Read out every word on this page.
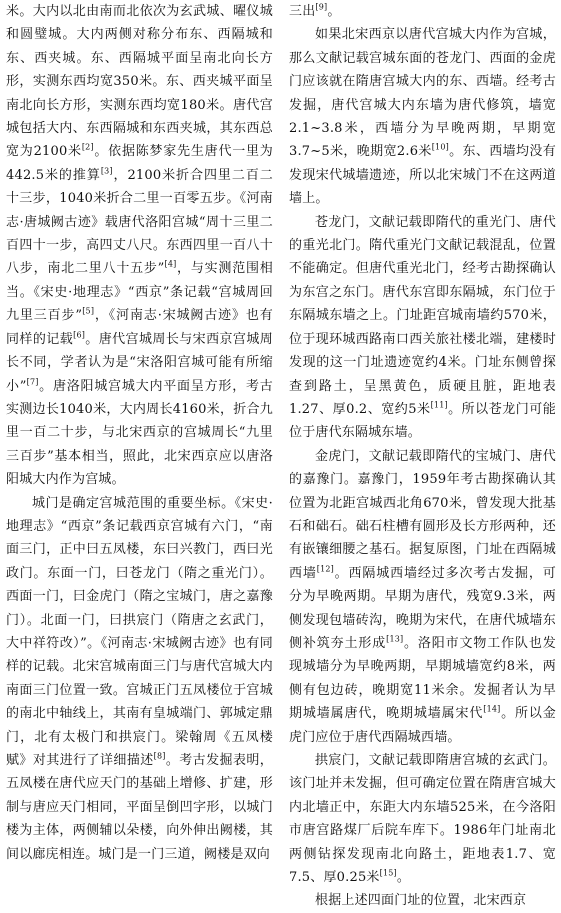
米。大内以北由南而北依次为玄武城、曜仪城和圆璧城。大内两侧对称分布东、西隔城和东、西夹城。东、西隔城平面呈南北向长方形，实测东西均宽350米。东、西夹城平面呈南北向长方形，实测东西均宽180米。唐代宫城包括大内、东西隔城和东西夹城，其东西总宽为2100米[2]。依据陈梦家先生唐代一里为442.5米的推算[3]，2100米折合四里二百二十三步，1040米折合二里一百零五步。《河南志·唐城阙古迹》载唐代洛阳宫城“周十三里二百四十一步，高四丈八尺。东西四里一百八十八步，南北二里八十五步”[4]，与实测范围相当。《宋史·地理志》“西京”条记载“宫城周回九里三百步”[5]，《河南志·宋城阙古迹》也有同样的记载[6]。唐代宫城周长与宋西京宫城周长不同，学者认为是“宋洛阳宫城可能有所缩小”[7]。唐洛阳城宫城大内平面呈方形，考古实测边长1040米，大内周长4160米，折合九里一百二十步，与北宋西京的宫城周长“九里三百步”基本相当，照此，北宋西京应以唐洛阳城大内作为宫城。

城门是确定宫城范围的重要坐标。《宋史·地理志》“西京”条记载西京宫城有六门，“南面三门，正中曰五凤楼，东曰兴教门，西曰光政门。东面一门，曰苍龙门（隋之重光门）。西面一门，曰金虎门（隋之宝城门，唐之嘉豫门）。北面一门，曰拱宸门（隋唐之玄武门，大中祥符改）”。《河南志·宋城阙古迹》也有同样的记载。北宋宫城南面三门与唐代宫城大内南面三门位置一致。宫城正门五凤楼位于宫城的南北中轴线上，其南有皇城端门、郭城定鼎门，北有太极门和拱宸门。梁翰周《五凤楼赋》对其进行了详细描述[8]。考古发掘表明，五凤楼在唐代应天门的基础上增修、扩建，形制与唐应天门相同，平面呈倒凹字形，以城门楼为主体，两侧辅以朵楼，向外伸出阙楼，其间以廊庑相连。城门是一门三道，阙楼是双向

三出[9]。

如果北宋西京以唐代宫城大内作为宫城，那么文献记载宫城东面的苍龙门、西面的金虎门应该就在隋唐宫城大内的东、西墙。经考古发掘，唐代宫城大内东墙为唐代修筑，墙宽2.1~3.8米，西墙分为早晚两期，早期宽3.7~5米，晚期宽2.6米[10]。东、西墙均没有发现宋代城墙遗迹，所以北宋城门不在这两道墙上。

苍龙门，文献记载即隋代的重光门、唐代的重光北门。隋代重光门文献记载混乱，位置不能确定。但唐代重光北门，经考古勘探确认为东宫之东门。唐代东宫即东隔城，东门位于东隔城东墙之上。门址距宫城南墙约570米，位于现环城西路南口西关旅社楼北端，建楼时发现的这一门址遗迹宽约4米。门址东侧曾探查到路土，呈黑黄色，质硬且脏，距地表1.27、厚0.2、宽约5米[11]。所以苍龙门可能位于唐代东隔城东墙。

金虎门，文献记载即隋代的宝城门、唐代的嘉豫门。嘉豫门，1959年考古勘探确认其位置为北距宫城西北角670米，曾发现大批基石和础石。础石柱槽有圆形及长方形两种，还有嵌镶细腰之基石。据复原图，门址在西隔城西墙[12]。西隔城西墙经过多次考古发掘，可分为早晚两期。早期为唐代，残宽9.3米，两侧发现包墙砖沟，晚期为宋代，在唐代城墙东侧补筑夯土形成[13]。洛阳市文物工作队也发现城墙分为早晚两期，早期城墙宽约8米，两侧有包边砖，晚期宽11米余。发掘者认为早期城墙属唐代，晚期城墙属宋代[14]。所以金虎门应位于唐代西隔城西墙。

拱宸门，文献记载即隋唐宫城的玄武门。该门址并未发掘，但可确定位置在隋唐宫城大内北墙正中，东距大内东墙525米，在今洛阳市唐宫路煤厂后院车库下。1986年门址南北两侧钻探发现南北向路土，距地表1.7、宽7.5、厚0.25米[15]。

根据上述四面门址的位置，北宋西京
